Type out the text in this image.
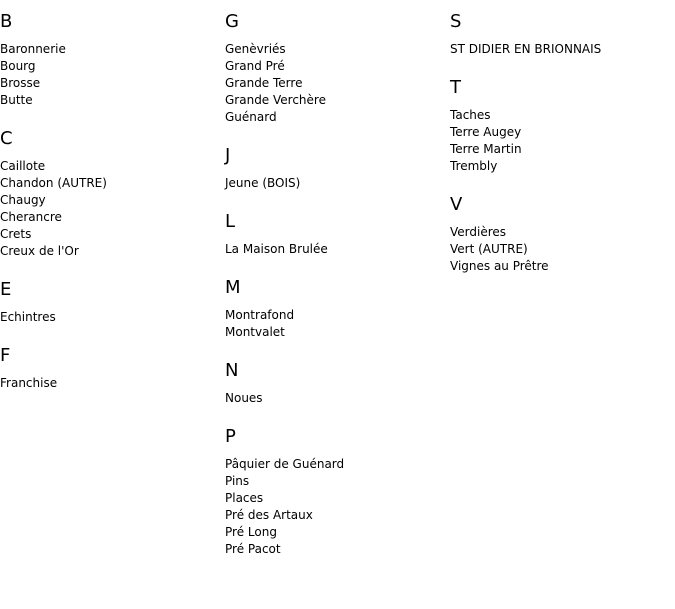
B
Baronnerie
Bourg
Brosse
Butte
C
Caillote
Chandon (AUTRE)
Chaugy
Cherancre
Crets
Creux de l'Or
E
Echintres
F
Franchise
G
Genèvriés
Grand Pré
Grande Terre
Grande Verchère
Guénard
J
Jeune (BOIS)
L
La Maison Brulée
M
Montrafond
Montvalet
N
Noues
P
Pâquier de Guénard
Pins
Places
Pré des Artaux
Pré Long
Pré Pacot
S
ST DIDIER EN BRIONNAIS
T
Taches
Terre Augey
Terre Martin
Trembly
V
Verdières
Vert (AUTRE)
Vignes au Prêtre
